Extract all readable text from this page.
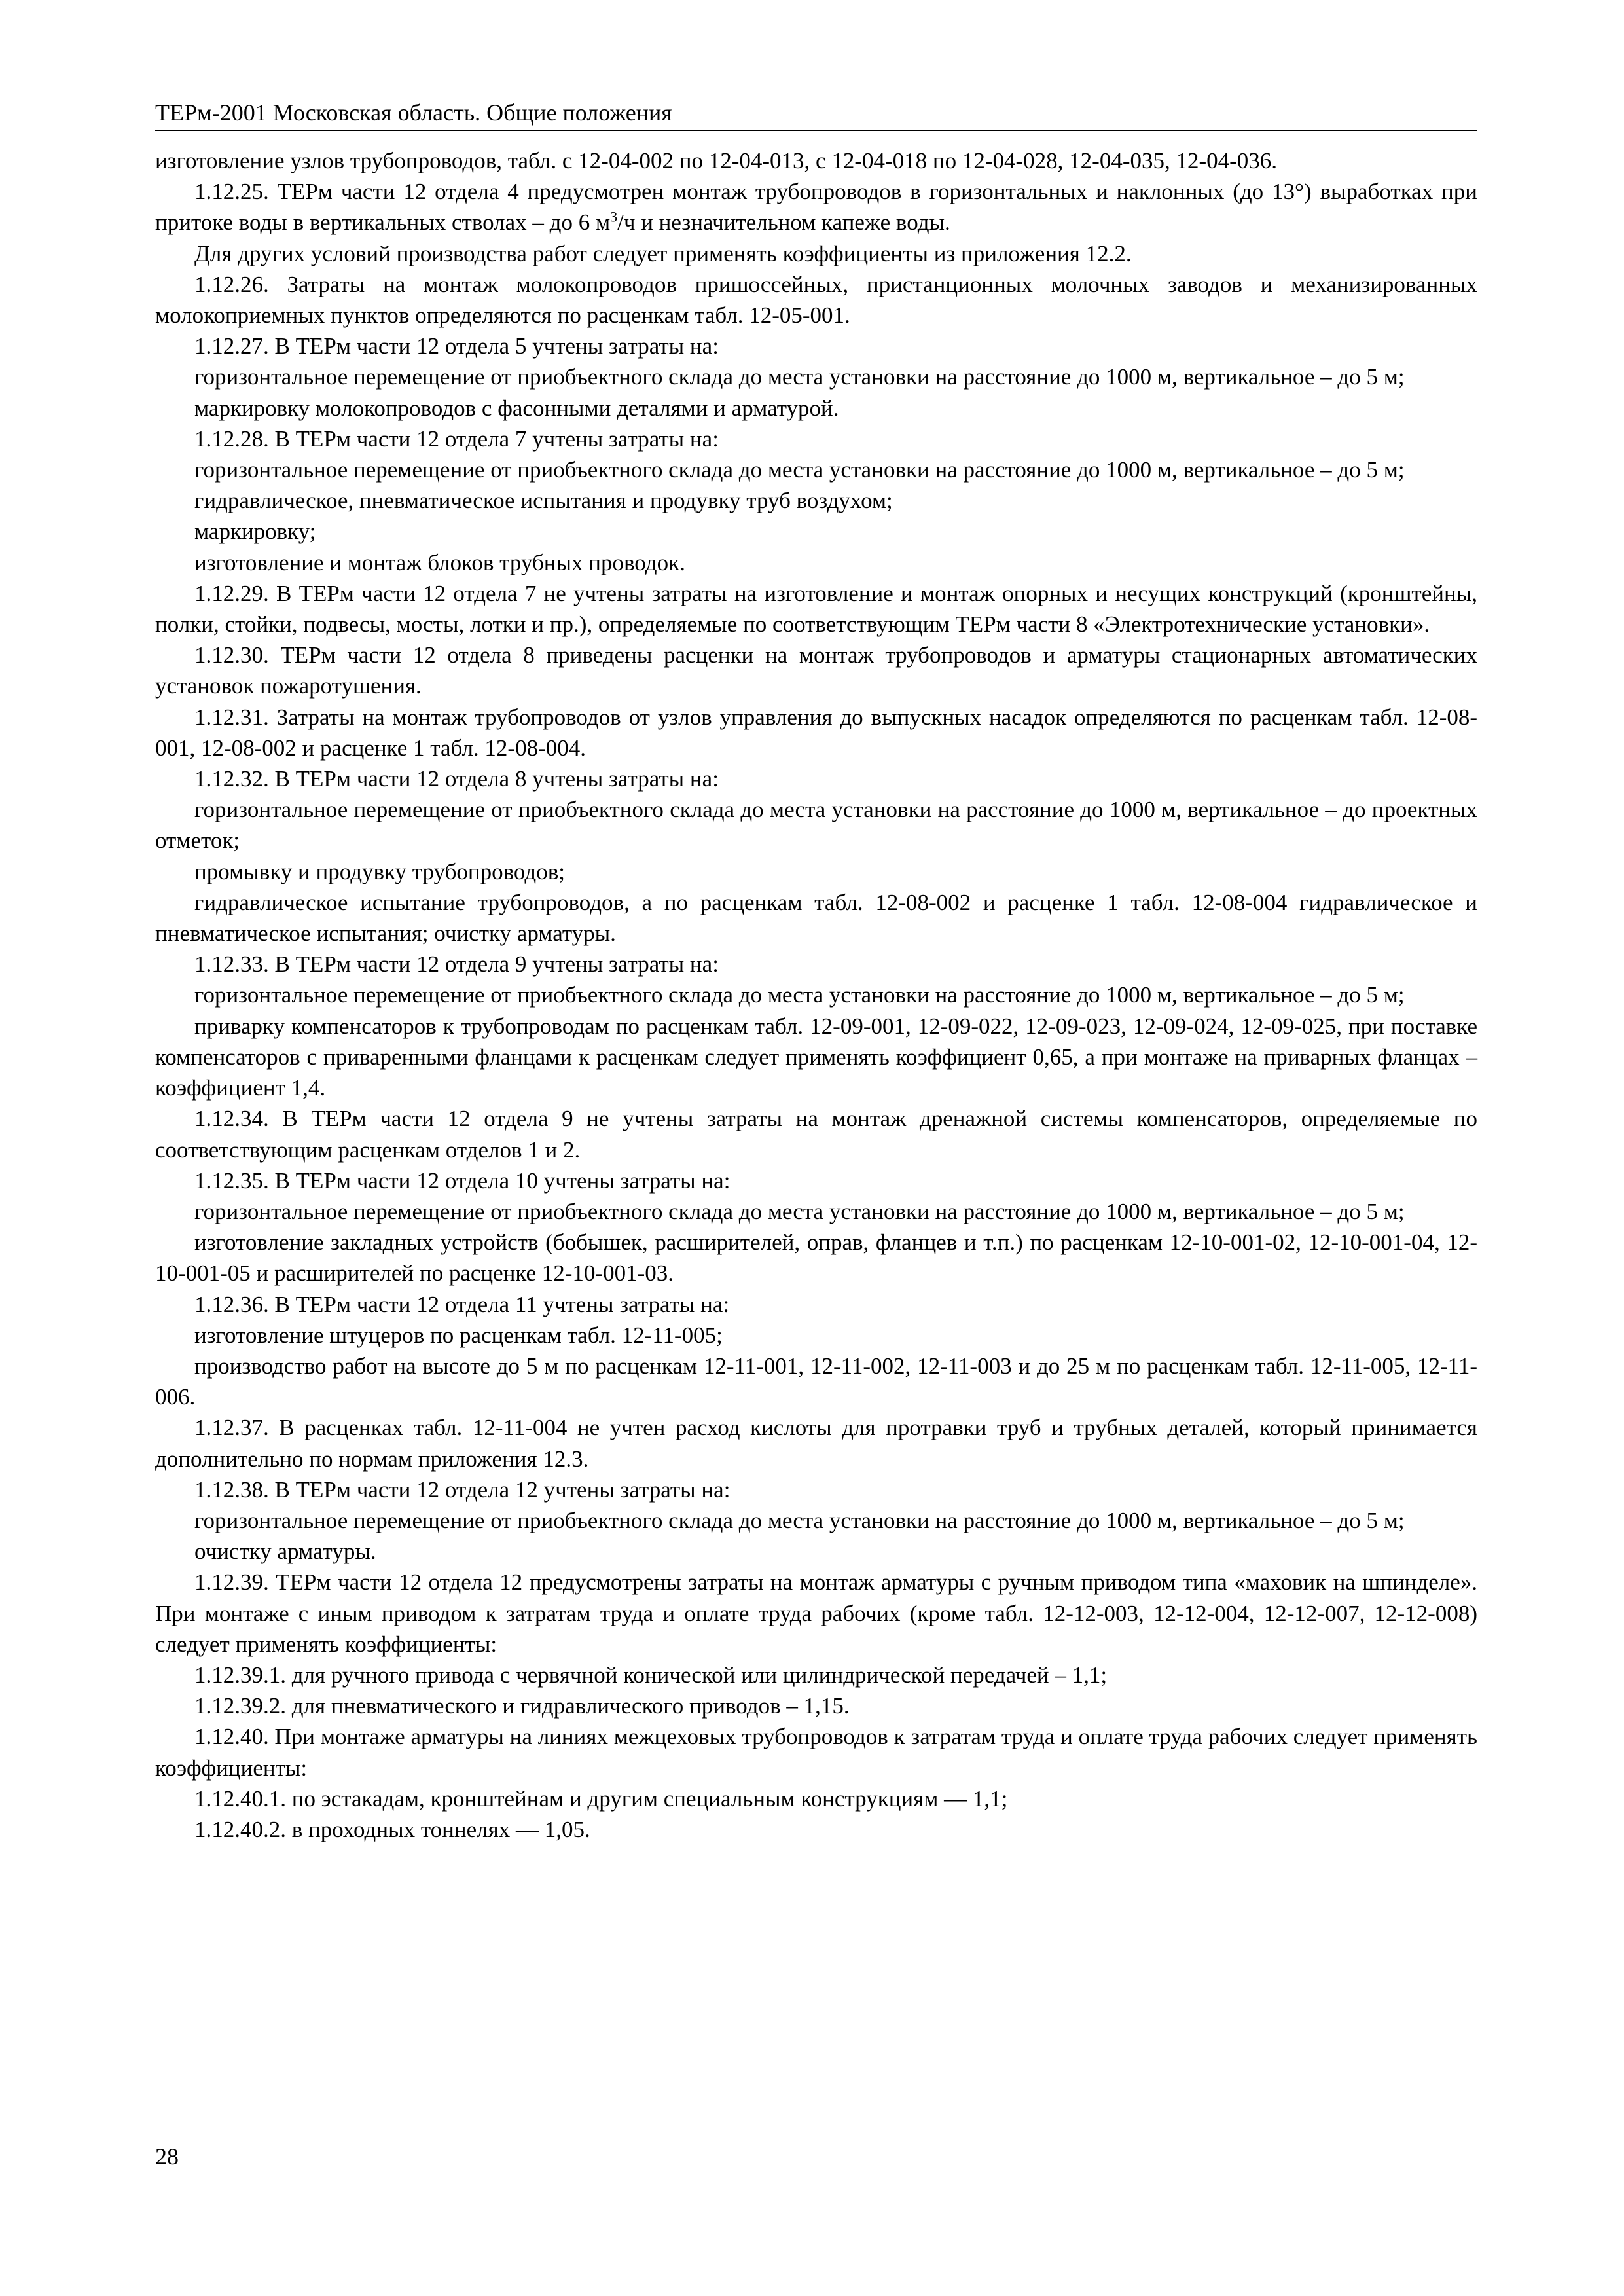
ТЕРм-2001 Московская область. Общие положения

изготовление узлов трубопроводов, табл. с 12-04-002 по 12-04-013, с 12-04-018 по 12-04-028, 12-04-035, 12-04-036.

1.12.25. ТЕРм части 12 отдела 4 предусмотрен монтаж трубопроводов в горизонтальных и наклонных (до 13°) выработках при притоке воды в вертикальных стволах – до 6 $м^3/ч$ и незначительном капеже воды.

Для других условий производства работ следует применять коэффициенты из приложения 12.2.

1.12.26. Затраты на монтаж молокопроводов пришоссейных, пристанционных молочных заводов и механизированных молокоприемных пунктов определяются по расценкам табл. 12-05-001.

1.12.27. В ТЕРм части 12 отдела 5 учтены затраты на:

горизонтальное перемещение от приобъектного склада до места установки на расстояние до 1000 м, вертикальное – до 5 м;

маркировку молокопроводов с фасонными деталями и арматурой.

1.12.28. В ТЕРм части 12 отдела 7 учтены затраты на:

горизонтальное перемещение от приобъектного склада до места установки на расстояние до 1000 м, вертикальное – до 5 м;

гидравлическое, пневматическое испытания и продувку труб воздухом;

маркировку;

изготовление и монтаж блоков трубных проводок.

1.12.29. В ТЕРм части 12 отдела 7 не учтены затраты на изготовление и монтаж опорных и несущих конструкций (кронштейны, полки, стойки, подвесы, мосты, лотки и пр.), определяемые по соответствующим ТЕРм части 8 «Электротехнические установки».

1.12.30. ТЕРм части 12 отдела 8 приведены расценки на монтаж трубопроводов и арматуры стационарных автоматических установок пожаротушения.

1.12.31. Затраты на монтаж трубопроводов от узлов управления до выпускных насадок определяются по расценкам табл. 12-08-001, 12-08-002 и расценке 1 табл. 12-08-004.

1.12.32. В ТЕРм части 12 отдела 8 учтены затраты на:

горизонтальное перемещение от приобъектного склада до места установки на расстояние до 1000 м, вертикальное – до проектных отметок;

промывку и продувку трубопроводов;

гидравлическое испытание трубопроводов, а по расценкам табл. 12-08-002 и расценке 1 табл. 12-08-004 гидравлическое и пневматическое испытания; очистку арматуры.

1.12.33. В ТЕРм части 12 отдела 9 учтены затраты на:

горизонтальное перемещение от приобъектного склада до места установки на расстояние до 1000 м, вертикальное – до 5 м;

приварку компенсаторов к трубопроводам по расценкам табл. 12-09-001, 12-09-022, 12-09-023, 12-09-024, 12-09-025, при поставке компенсаторов с приваренными фланцами к расценкам следует применять коэффициент 0,65, а при монтаже на приварных фланцах – коэффициент 1,4.

1.12.34. В ТЕРм части 12 отдела 9 не учтены затраты на монтаж дренажной системы компенсаторов, определяемые по соответствующим расценкам отделов 1 и 2.

1.12.35. В ТЕРм части 12 отдела 10 учтены затраты на:

горизонтальное перемещение от приобъектного склада до места установки на расстояние до 1000 м, вертикальное – до 5 м;

изготовление закладных устройств (бобышек, расширителей, оправ, фланцев и т.п.) по расценкам 12-10-001-02, 12-10-001-04, 12-10-001-05 и расширителей по расценке 12-10-001-03.

1.12.36. В ТЕРм части 12 отдела 11 учтены затраты на:

изготовление штуцеров по расценкам табл. 12-11-005;

производство работ на высоте до 5 м по расценкам 12-11-001, 12-11-002, 12-11-003 и до 25 м по расценкам табл. 12-11-005, 12-11-006.

1.12.37. В расценках табл. 12-11-004 не учтен расход кислоты для протравки труб и трубных деталей, который принимается дополнительно по нормам приложения 12.3.

1.12.38. В ТЕРм части 12 отдела 12 учтены затраты на:

горизонтальное перемещение от приобъектного склада до места установки на расстояние до 1000 м, вертикальное – до 5 м;

очистку арматуры.

1.12.39. ТЕРм части 12 отдела 12 предусмотрены затраты на монтаж арматуры с ручным приводом типа «маховик на шпинделе». При монтаже с иным приводом к затратам труда и оплате труда рабочих (кроме табл. 12-12-003, 12-12-004, 12-12-007, 12-12-008) следует применять коэффициенты:

1.12.39.1. для ручного привода с червячной конической или цилиндрической передачей – 1,1;

1.12.39.2. для пневматического и гидравлического приводов – 1,15.

1.12.40. При монтаже арматуры на линиях межцеховых трубопроводов к затратам труда и оплате труда рабочих следует применять коэффициенты:

1.12.40.1. по эстакадам, кронштейнам и другим специальным конструкциям — 1,1;

1.12.40.2. в проходных тоннелях — 1,05.

28
